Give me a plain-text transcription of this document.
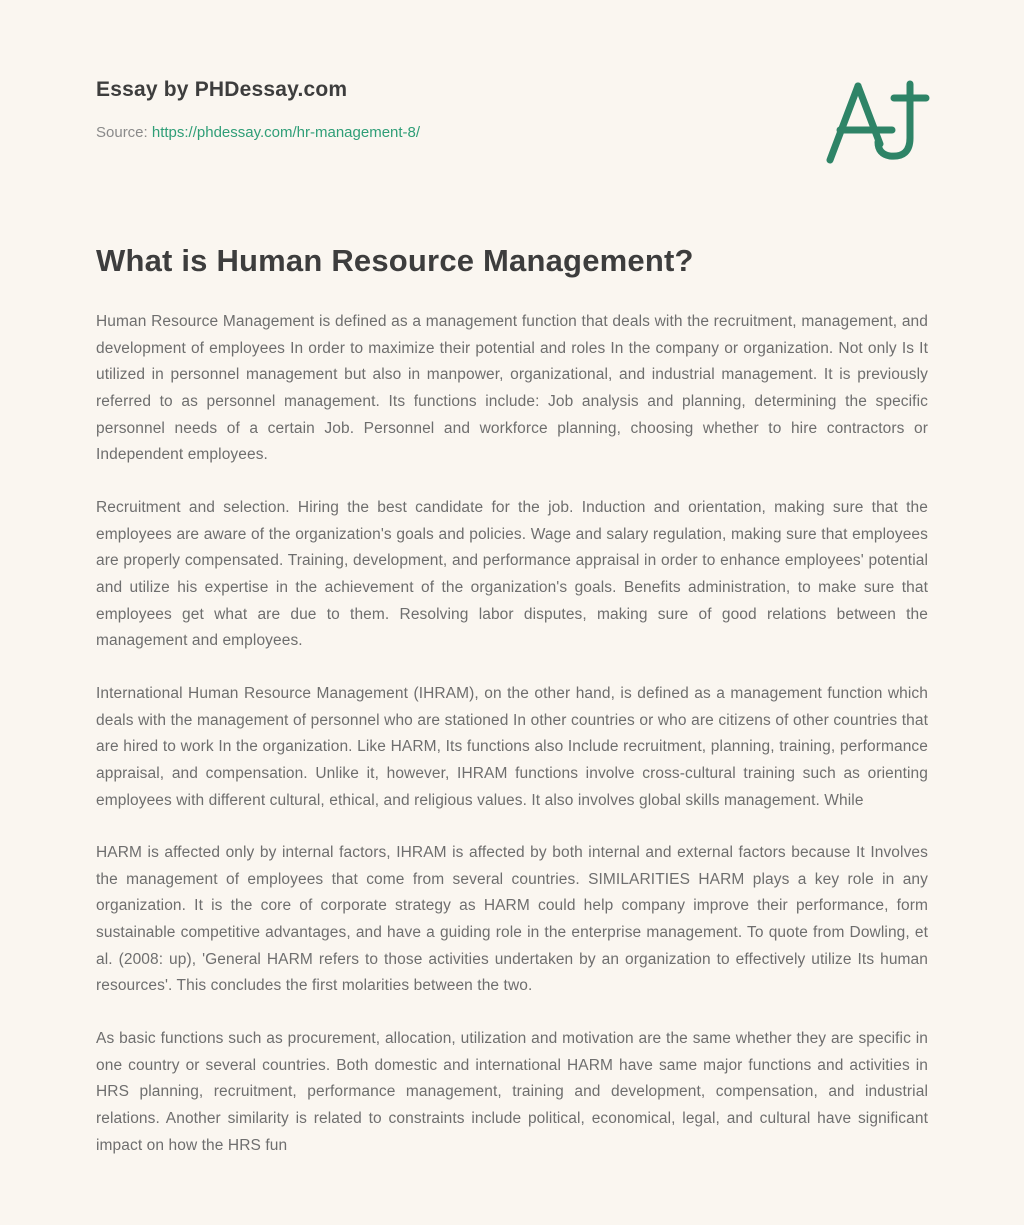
Essay by PHDessay.com
Source: https://phdessay.com/hr-management-8/
What is Human Resource Management?

Human Resource Management is defined as a management function that deals with the recruitment, management, and development of employees In order to maximize their potential and roles In the company or organization. Not only Is It utilized in personnel management but also in manpower, organizational, and industrial management. It is previously referred to as personnel management. Its functions include: Job analysis and planning, determining the specific personnel needs of a certain Job. Personnel and workforce planning, choosing whether to hire contractors or Independent employees.

Recruitment and selection. Hiring the best candidate for the job. Induction and orientation, making sure that the employees are aware of the organization's goals and policies. Wage and salary regulation, making sure that employees are properly compensated. Training, development, and performance appraisal in order to enhance employees' potential and utilize his expertise in the achievement of the organization's goals. Benefits administration, to make sure that employees get what are due to them. Resolving labor disputes, making sure of good relations between the management and employees.

International Human Resource Management (IHRAM), on the other hand, is defined as a management function which deals with the management of personnel who are stationed In other countries or who are citizens of other countries that are hired to work In the organization. Like HARM, Its functions also Include recruitment, planning, training, performance appraisal, and compensation. Unlike it, however, IHRAM functions involve cross-cultural training such as orienting employees with different cultural, ethical, and religious values. It also involves global skills management. While

HARM is affected only by internal factors, IHRAM is affected by both internal and external factors because It Involves the management of employees that come from several countries. SIMILARITIES HARM plays a key role in any organization. It is the core of corporate strategy as HARM could help company improve their performance, form sustainable competitive advantages, and have a guiding role in the enterprise management. To quote from Dowling, et al. (2008: up), 'General HARM refers to those activities undertaken by an organization to effectively utilize Its human resources'. This concludes the first molarities between the two.

As basic functions such as procurement, allocation, utilization and motivation are the same whether they are specific in one country or several countries. Both domestic and international HARM have same major functions and activities in HRS planning, recruitment, performance management, training and development, compensation, and industrial relations. Another similarity is related to constraints include political, economical, legal, and cultural have significant impact on how the HRS fun
